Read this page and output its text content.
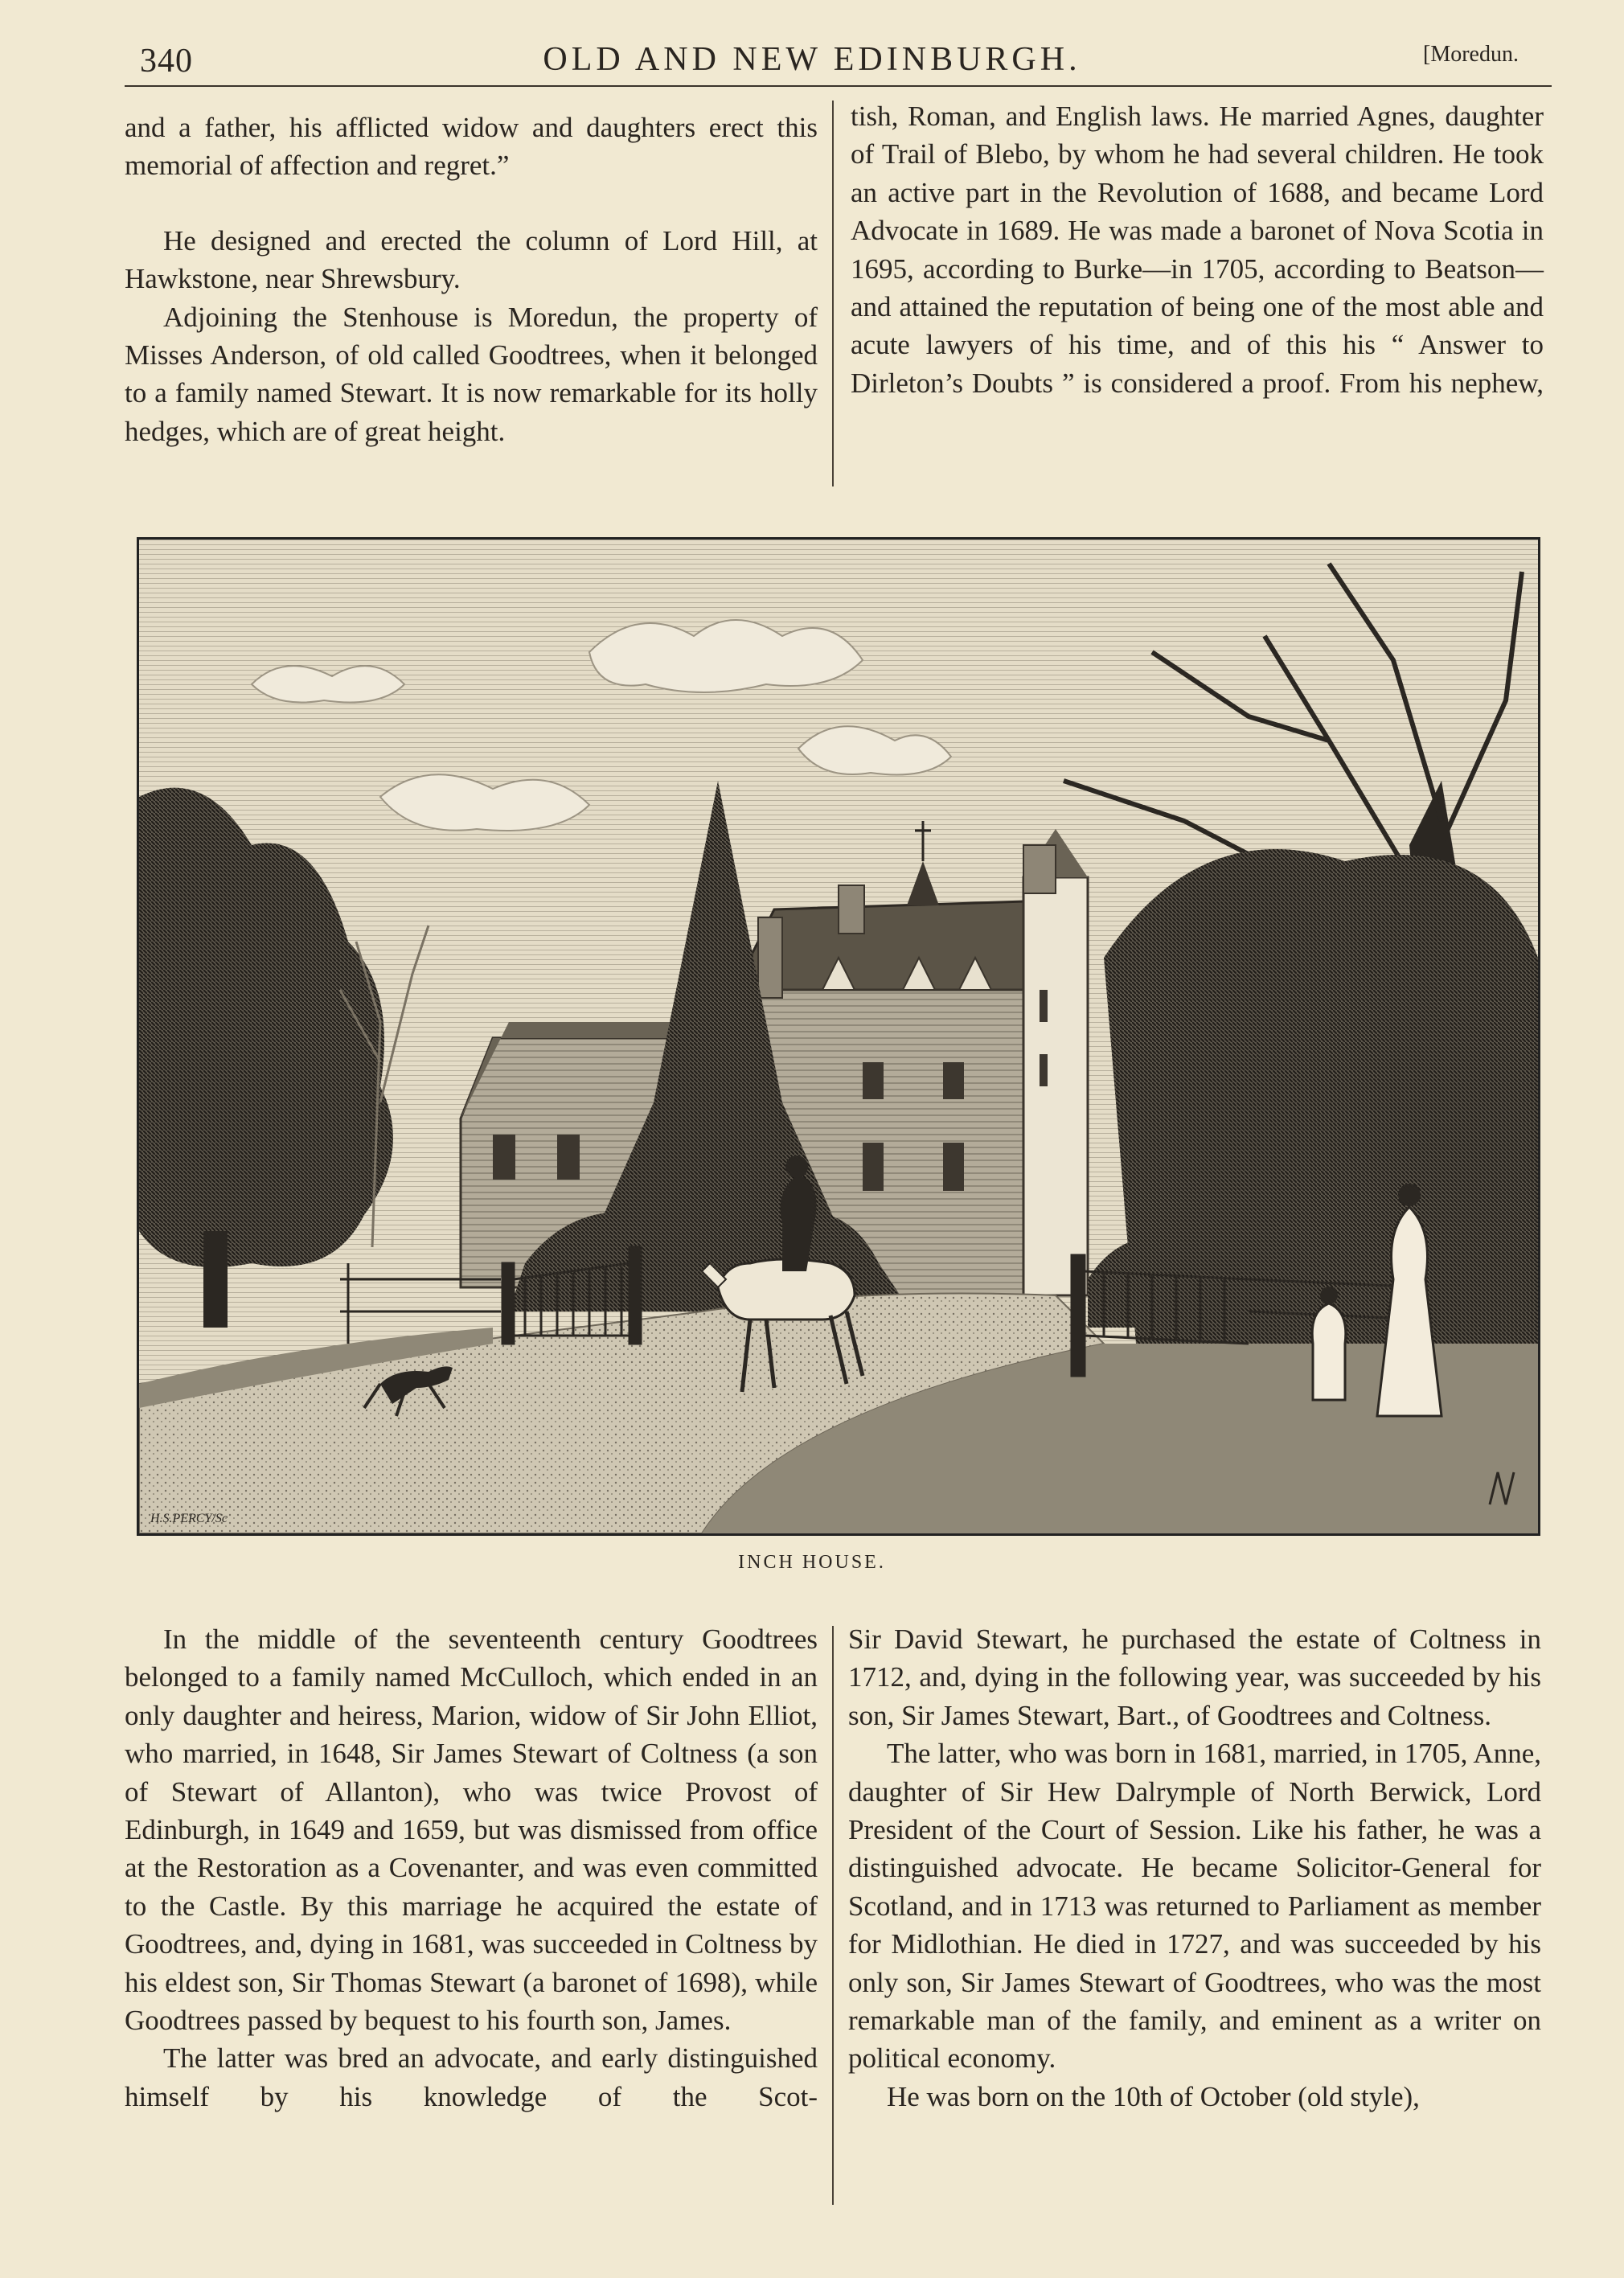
340	OLD AND NEW EDINBURGH.	[Moredun.

and a father, his afflicted widow and daughters erect this memorial of affection and regret.”

He designed and erected the column of Lord Hill, at Hawkstone, near Shrewsbury.

Adjoining the Stenhouse is Moredun, the property of Misses Anderson, of old called Goodtrees, when it belonged to a family named Stewart. It is now remarkable for its holly hedges, which are of great height.

tish, Roman, and English laws. He married Agnes, daughter of Trail of Blebo, by whom he had several children. He took an active part in the Revolution of 1688, and became Lord Advocate in 1689. He was made a baronet of Nova Scotia in 1695, according to Burke—in 1705, according to Beatson—and attained the reputation of being one of the most able and acute lawyers of his time, and of this his “ Answer to Dirleton’s Doubts ” is considered a proof. From his nephew,

H.S.PERCY/Sc
INCH HOUSE.

In the middle of the seventeenth century Goodtrees belonged to a family named McCulloch, which ended in an only daughter and heiress, Marion, widow of Sir John Elliot, who married, in 1648, Sir James Stewart of Coltness (a son of Stewart of Allanton), who was twice Provost of Edinburgh, in 1649 and 1659, but was dismissed from office at the Restoration as a Covenanter, and was even committed to the Castle. By this marriage he acquired the estate of Goodtrees, and, dying in 1681, was succeeded in Coltness by his eldest son, Sir Thomas Stewart (a baronet of 1698), while Goodtrees passed by bequest to his fourth son, James.

The latter was bred an advocate, and early distinguished himself by his knowledge of the Scot-

Sir David Stewart, he purchased the estate of Coltness in 1712, and, dying in the following year, was succeeded by his son, Sir James Stewart, Bart., of Goodtrees and Coltness.

The latter, who was born in 1681, married, in 1705, Anne, daughter of Sir Hew Dalrymple of North Berwick, Lord President of the Court of Session. Like his father, he was a distinguished advocate. He became Solicitor-General for Scotland, and in 1713 was returned to Parliament as member for Midlothian. He died in 1727, and was succeeded by his only son, Sir James Stewart of Goodtrees, who was the most remarkable man of the family, and eminent as a writer on political economy.

He was born on the 10th of October (old style),
